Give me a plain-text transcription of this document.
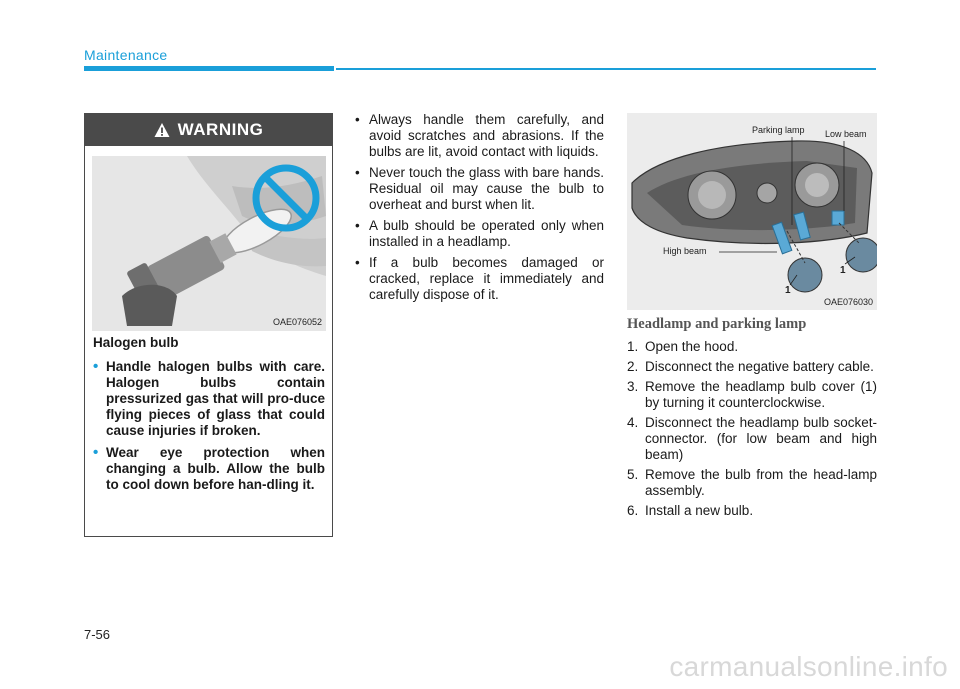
Maintenance
WARNING
OAE076052
Halogen bulb
• Handle halogen bulbs with care. Halogen bulbs contain pressurized gas that will pro-duce flying pieces of glass that could cause injuries if broken.
• Wear eye protection when changing a bulb. Allow the bulb to cool down before han-dling it.
• Always handle them carefully, and avoid scratches and abrasions. If the bulbs are lit, avoid contact with liquids.
• Never touch the glass with bare hands. Residual oil may cause the bulb to overheat and burst when lit.
• A bulb should be operated only when installed in a headlamp.
• If a bulb becomes damaged or cracked, replace it immediately and carefully dispose of it.
Parking lamp Low beam
High beam
1
1
OAE076030
Headlamp and parking lamp
1. Open the hood.
2. Disconnect the negative battery cable.
3. Remove the headlamp bulb cover (1) by turning it counterclockwise.
4. Disconnect the headlamp bulb socket-connector. (for low beam and high beam)
5. Remove the bulb from the head-lamp assembly.
6. Install a new bulb.
7-56
carmanualsonline.info
